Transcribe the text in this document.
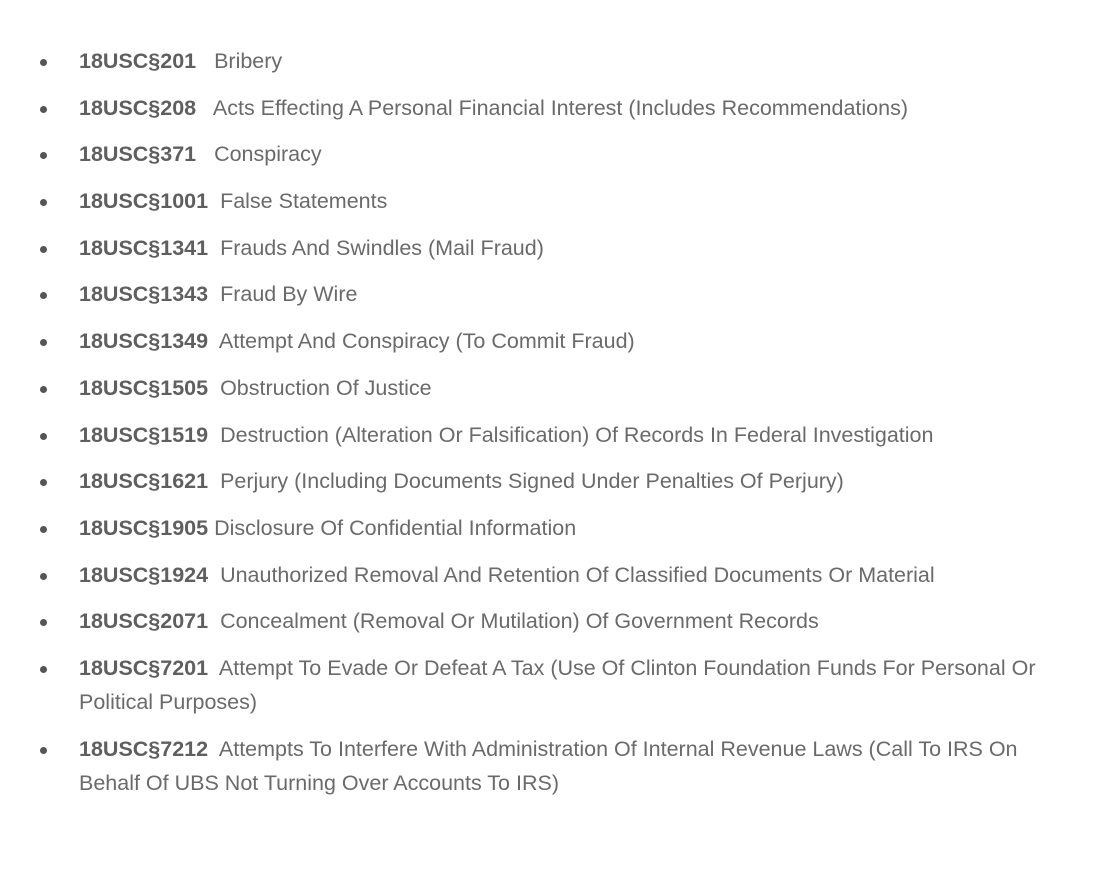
18USC§201 Bribery
18USC§208 Acts Effecting A Personal Financial Interest (Includes Recommendations)
18USC§371 Conspiracy
18USC§1001 False Statements
18USC§1341 Frauds And Swindles (Mail Fraud)
18USC§1343 Fraud By Wire
18USC§1349 Attempt And Conspiracy (To Commit Fraud)
18USC§1505 Obstruction Of Justice
18USC§1519 Destruction (Alteration Or Falsification) Of Records In Federal Investigation
18USC§1621 Perjury (Including Documents Signed Under Penalties Of Perjury)
18USC§1905 Disclosure Of Confidential Information
18USC§1924 Unauthorized Removal And Retention Of Classified Documents Or Material
18USC§2071 Concealment (Removal Or Mutilation) Of Government Records
18USC§7201 Attempt To Evade Or Defeat A Tax (Use Of Clinton Foundation Funds For Personal Or Political Purposes)
18USC§7212 Attempts To Interfere With Administration Of Internal Revenue Laws (Call To IRS On Behalf Of UBS Not Turning Over Accounts To IRS)
